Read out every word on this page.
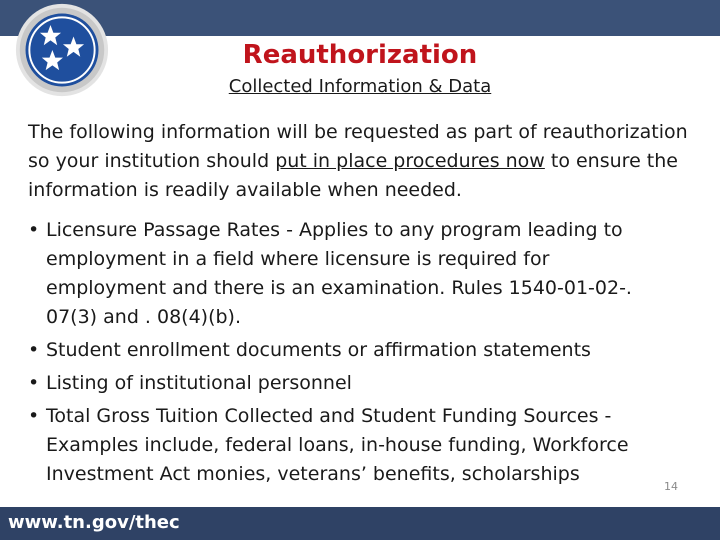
Reauthorization
Collected Information & Data
The following information will be requested as part of reauthorization so your institution should put in place procedures now to ensure the information is readily available when needed.
• Licensure Passage Rates - Applies to any program leading to employment in a field where licensure is required for employment and there is an examination. Rules 1540-01-02-. 07(3) and . 08(4)(b).
• Student enrollment documents or affirmation statements
• Listing of institutional personnel
• Total Gross Tuition Collected and Student Funding Sources - Examples include, federal loans, in-house funding, Workforce Investment Act monies, veterans’ benefits, scholarships
14
www.tn.gov/thec
